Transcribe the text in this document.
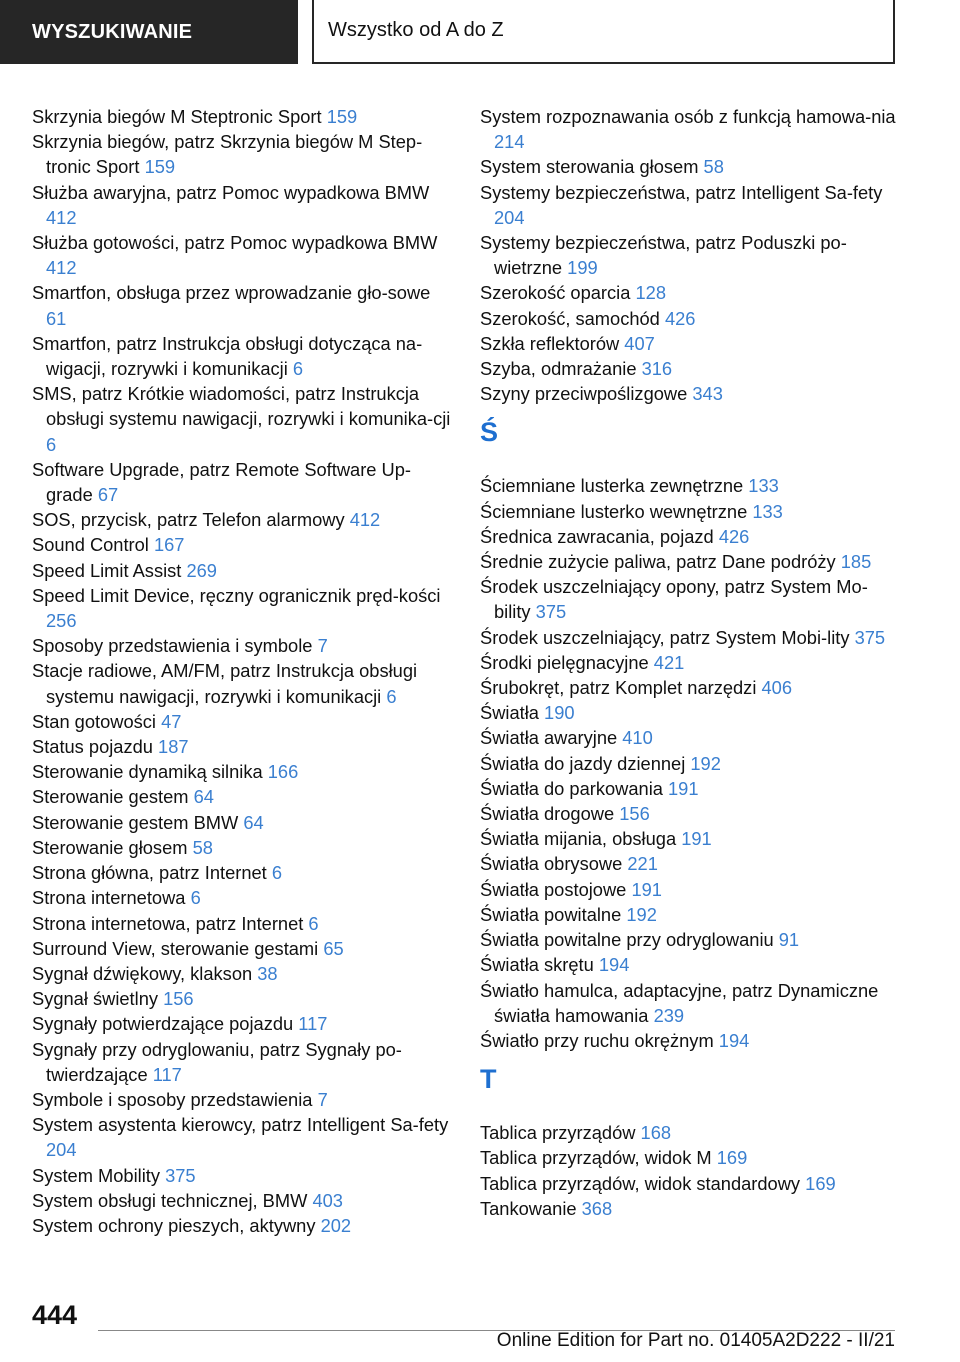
WYSZUKIWANIE	Wszystko od A do Z

Skrzynia biegów M Steptronic Sport 159

Skrzynia biegów, patrz Skrzynia biegów M Step‐tronic Sport 159

Służba awaryjna, patrz Pomoc wypadkowa BMW 412

Służba gotowości, patrz Pomoc wypadkowa BMW 412

Smartfon, obsługa przez wprowadzanie gło‐sowe 61

Smartfon, patrz Instrukcja obsługi dotycząca na‐wigacji, rozrywki i komunikacji 6

SMS, patrz Krótkie wiadomości, patrz Instrukcja obsługi systemu nawigacji, rozrywki i komunika‐cji 6

Software Upgrade, patrz Remote Software Up‐grade 67

SOS, przycisk, patrz Telefon alarmowy 412

Sound Control 167

Speed Limit Assist 269

Speed Limit Device, ręczny ogranicznik pręd‐kości 256

Sposoby przedstawienia i symbole 7

Stacje radiowe, AM/FM, patrz Instrukcja obsługi systemu nawigacji, rozrywki i komunikacji 6

Stan gotowości 47

Status pojazdu 187

Sterowanie dynamiką silnika 166

Sterowanie gestem 64

Sterowanie gestem BMW 64

Sterowanie głosem 58

Strona główna, patrz Internet 6

Strona internetowa 6

Strona internetowa, patrz Internet 6

Surround View, sterowanie gestami 65

Sygnał dźwiękowy, klakson 38

Sygnał świetlny 156

Sygnały potwierdzające pojazdu 117

Sygnały przy odryglowaniu, patrz Sygnały po‐twierdzające 117

Symbole i sposoby przedstawienia 7

System asystenta kierowcy, patrz Intelligent Sa‐fety 204

System Mobility 375

System obsługi technicznej, BMW 403

System ochrony pieszych, aktywny 202

System rozpoznawania osób z funkcją hamowa‐nia 214

System sterowania głosem 58

Systemy bezpieczeństwa, patrz Intelligent Sa‐fety 204

Systemy bezpieczeństwa, patrz Poduszki po‐wietrzne 199

Szerokość oparcia 128

Szerokość, samochód 426

Szkła reflektorów 407

Szyba, odmrażanie 316

Szyny przeciwpoślizgowe 343

Ś

Ściemniane lusterka zewnętrzne 133

Ściemniane lusterko wewnętrzne 133

Średnica zawracania, pojazd 426

Średnie zużycie paliwa, patrz Dane podróży 185

Środek uszczelniający opony, patrz System Mo‐bility 375

Środek uszczelniający, patrz System Mobi‐lity 375

Środki pielęgnacyjne 421

Śrubokręt, patrz Komplet narzędzi 406

Światła 190

Światła awaryjne 410

Światła do jazdy dziennej 192

Światła do parkowania 191

Światła drogowe 156

Światła mijania, obsługa 191

Światła obrysowe 221

Światła postojowe 191

Światła powitalne 192

Światła powitalne przy odryglowaniu 91

Światła skrętu 194

Światło hamulca, adaptacyjne, patrz Dynamiczne światła hamowania 239

Światło przy ruchu okrężnym 194

T

Tablica przyrządów 168

Tablica przyrządów, widok M 169

Tablica przyrządów, widok standardowy 169

Tankowanie 368

444
Online Edition for Part no. 01405A2D222 - II/21
